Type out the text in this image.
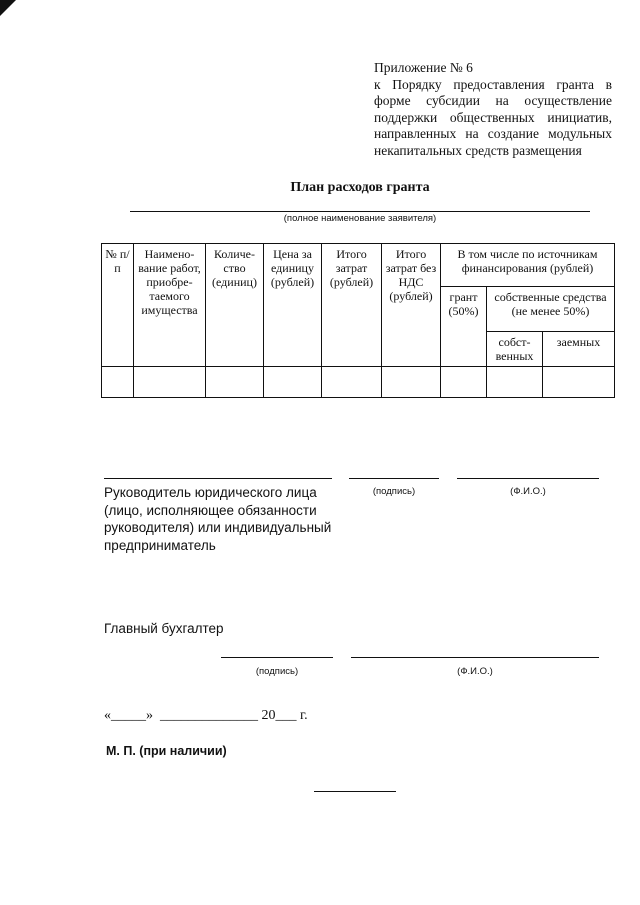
Приложение № 6
к Порядку предоставления гранта в форме субсидии на осуществление поддержки общественных инициатив, направленных на создание модульных некапитальных средств размещения
План расходов гранта
(полное наименование заявителя)
№ п/п	Наимено-вание работ, приобре-таемого имущества	Количе-ство (единиц)	Цена за единицу (рублей)	Итого затрат (рублей)	Итого затрат без НДС (рублей)	В том числе по источникам финансирования (рублей)		
						грант (50%)	собственные средства (не менее 50%)	
							собст-венных	заемных

(подпись)	(Ф.И.О.)
Руководитель юридического лица (лицо, исполняющее обязанности руководителя) или индивидуальный предприниматель
Главный бухгалтер
(подпись)	(Ф.И.О.)
«_____»  ______________ 20___ г.
М. П. (при наличии)
